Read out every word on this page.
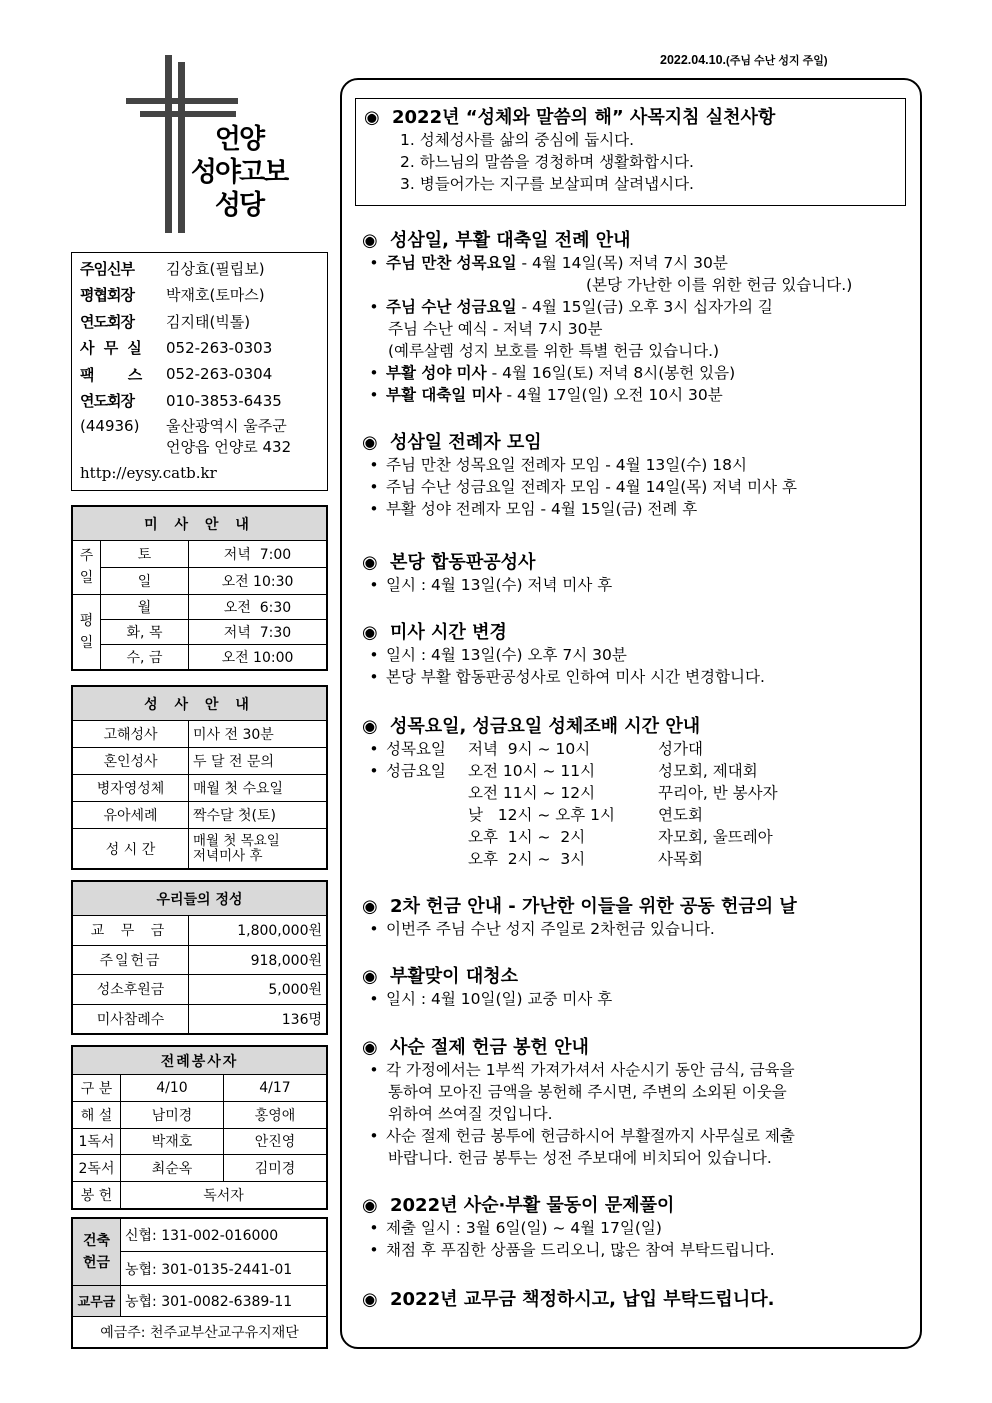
2022.04.10.(주님 수난 성지 주일)
언양
성야고보
성당
주임신부	김상효(필립보)
평협회장	박재호(토마스)
연도회장	김지태(빅톨)
사 무 실	052-263-0303
팩 스 052-263-0304
연도회장	010-3853-6435
(44936)	울산광역시 울주군
언양읍 언양로 432
http://eysy.catb.kr
미 사 안 내		
주일	토	저녁  7:00
	일	오전 10:30
평일	월	오전  6:30
	화, 목	저녁  7:30
	수, 금	오전 10:00
성 사 안 내	
고해성사	미사 전 30분
혼인성사	두 달 전 문의
병자영성체	매월 첫 수요일
유아세례	짝수달 첫(토)
성 시 간	매월 첫 목요일
저녁미사 후
우리들의 정성	
교 무 금	1,800,000원
주일헌금	918,000원
성소후원금	5,000원
미사참례수	136명
전례봉사자		
구 분	4/10	4/17
해 설	남미경	홍영애
1독서	박재호	안진영
2독서	최순옥	김미경
봉 헌	독서자	
건축헌금	신협: 131-002-016000
	농협: 301-0135-2441-01
교무금	농협: 301-0082-6389-11
예금주: 천주교부산교구유지재단	
◉ 2022년 “성체와 말씀의 해” 사목지침 실천사항
1. 성체성사를 삶의 중심에 둡시다.
2. 하느님의 말씀을 경청하며 생활화합시다.
3. 병들어가는 지구를 보살피며 살려냅시다.
◉ 성삼일, 부활 대축일 전례 안내
• 주님 만찬 성목요일 - 4월 14일(목) 저녁 7시 30분
(본당 가난한 이를 위한 헌금 있습니다.)
• 주님 수난 성금요일 - 4월 15일(금) 오후 3시 십자가의 길
주님 수난 예식 - 저녁 7시 30분
(예루살렘 성지 보호를 위한 특별 헌금 있습니다.)
• 부활 성야 미사 - 4월 16일(토) 저녁 8시(봉헌 있음)
• 부활 대축일 미사 - 4월 17일(일) 오전 10시 30분
◉ 성삼일 전례자 모임
• 주님 만찬 성목요일 전례자 모임 - 4월 13일(수) 18시
• 주님 수난 성금요일 전례자 모임 - 4월 14일(목) 저녁 미사 후
• 부활 성야 전례자 모임 - 4월 15일(금) 전례 후
◉ 본당 합동판공성사
• 일시 : 4월 13일(수) 저녁 미사 후
◉ 미사 시간 변경
• 일시 : 4월 13일(수) 오후 7시 30분
• 본당 부활 합동판공성사로 인하여 미사 시간 변경합니다.
◉ 성목요일, 성금요일 성체조배 시간 안내
• 성목요일 저녁  9시 ~ 10시	성가대
• 성금요일 오전 10시 ~ 11시	성모회, 제대회
오전 11시 ~ 12시	꾸리아, 반 봉사자
낮   12시 ~ 오후 1시	연도회
오후  1시 ~  2시	자모회, 울뜨레아
오후  2시 ~  3시	사목회
◉ 2차 헌금 안내 - 가난한 이들을 위한 공동 헌금의 날
• 이번주 주님 수난 성지 주일로 2차헌금 있습니다.
◉ 부활맞이 대청소
• 일시 : 4월 10일(일) 교중 미사 후
◉ 사순 절제 헌금 봉헌 안내
• 각 가정에서는 1부씩 가져가셔서 사순시기 동안 금식, 금육을
통하여 모아진 금액을 봉헌해 주시면, 주변의 소외된 이웃을
위하여 쓰여질 것입니다.
• 사순 절제 헌금 봉투에 헌금하시어 부활절까지 사무실로 제출
바랍니다. 헌금 봉투는 성전 주보대에 비치되어 있습니다.
◉ 2022년 사순·부활 물동이 문제풀이
• 제출 일시 : 3월 6일(일) ~ 4월 17일(일)
• 채점 후 푸짐한 상품을 드리오니, 많은 참여 부탁드립니다.
◉ 2022년 교무금 책정하시고, 납입 부탁드립니다.
